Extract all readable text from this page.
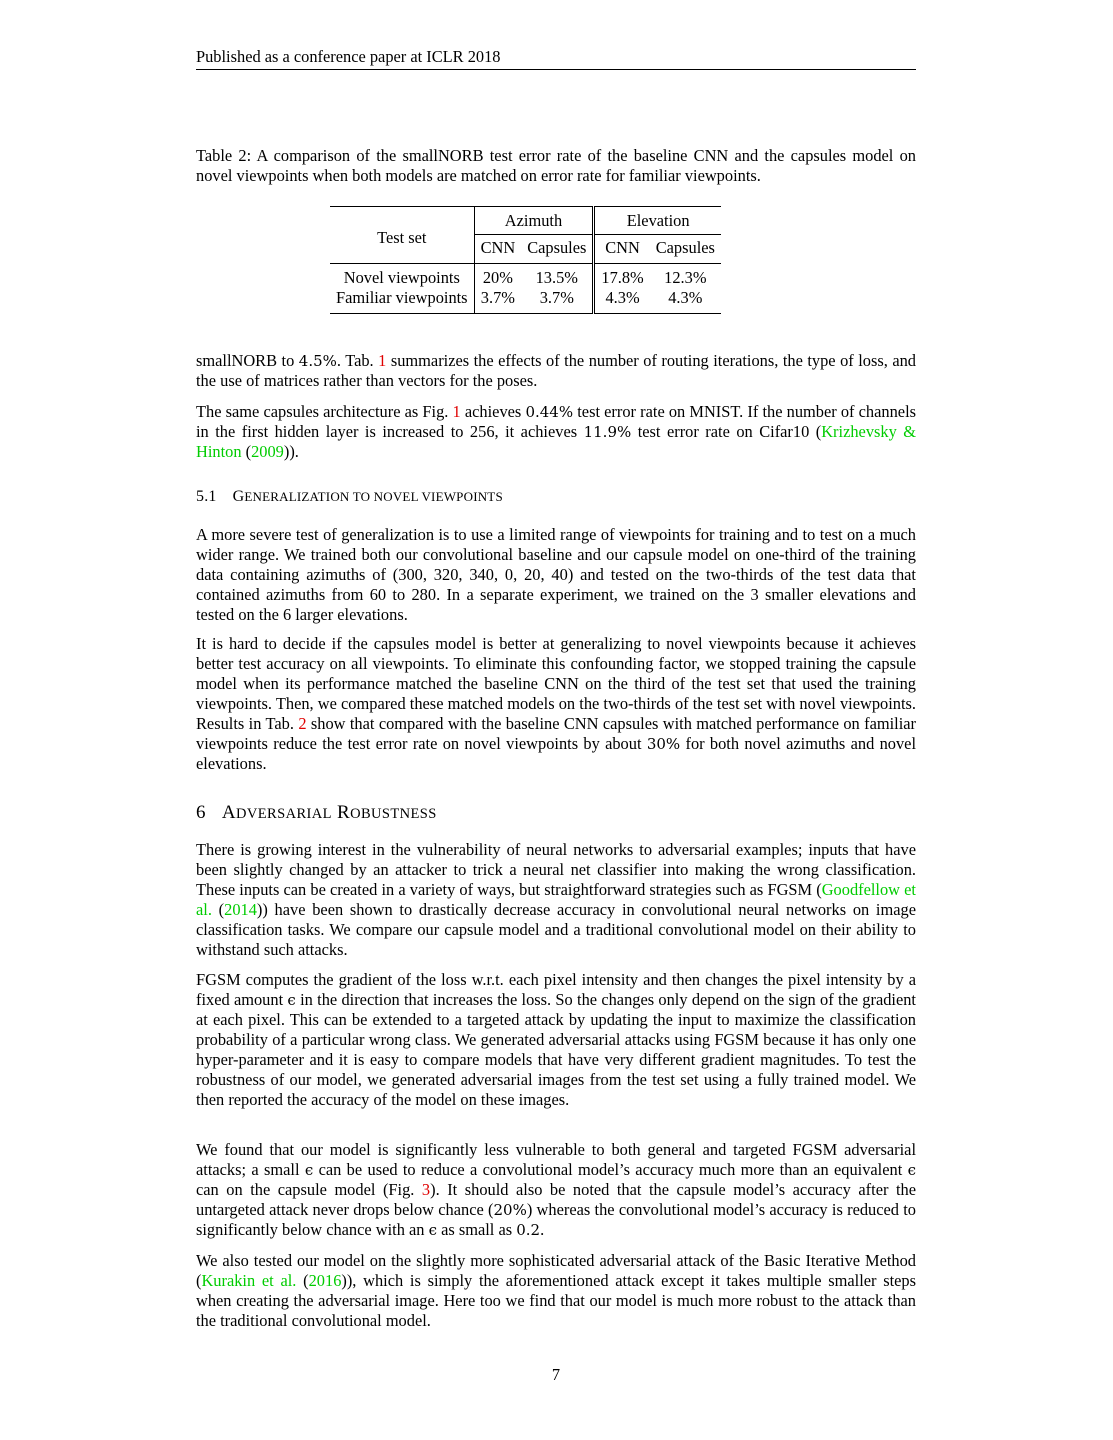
Published as a conference paper at ICLR 2018
Table 2: A comparison of the smallNORB test error rate of the baseline CNN and the capsules model on novel viewpoints when both models are matched on error rate for familiar viewpoints.
Test set	Azimuth		Elevation	
	CNN	Capsules	CNN	Capsules
Novel viewpoints	20%	13.5%	17.8%	12.3%
Familiar viewpoints	3.7%	3.7%	4.3%	4.3%

smallNORB to 4.5%. Tab. 1 summarizes the effects of the number of routing iterations, the type of loss, and the use of matrices rather than vectors for the poses.

The same capsules architecture as Fig. 1 achieves 0.44% test error rate on MNIST. If the number of channels in the first hidden layer is increased to 256, it achieves 11.9% test error rate on Cifar10 (Krizhevsky & Hinton (2009)).

5.1 GENERALIZATION TO NOVEL VIEWPOINTS

A more severe test of generalization is to use a limited range of viewpoints for training and to test on a much wider range. We trained both our convolutional baseline and our capsule model on one-third of the training data containing azimuths of (300, 320, 340, 0, 20, 40) and tested on the two-thirds of the test data that contained azimuths from 60 to 280. In a separate experiment, we trained on the 3 smaller elevations and tested on the 6 larger elevations.

It is hard to decide if the capsules model is better at generalizing to novel viewpoints because it achieves better test accuracy on all viewpoints. To eliminate this confounding factor, we stopped training the capsule model when its performance matched the baseline CNN on the third of the test set that used the training viewpoints. Then, we compared these matched models on the two-thirds of the test set with novel viewpoints. Results in Tab. 2 show that compared with the baseline CNN capsules with matched performance on familiar viewpoints reduce the test error rate on novel viewpoints by about 30% for both novel azimuths and novel elevations.

6 ADVERSARIAL ROBUSTNESS

There is growing interest in the vulnerability of neural networks to adversarial examples; inputs that have been slightly changed by an attacker to trick a neural net classifier into making the wrong classification. These inputs can be created in a variety of ways, but straightforward strategies such as FGSM (Goodfellow et al. (2014)) have been shown to drastically decrease accuracy in convolutional neural networks on image classification tasks. We compare our capsule model and a traditional convolutional model on their ability to withstand such attacks.

FGSM computes the gradient of the loss w.r.t. each pixel intensity and then changes the pixel intensity by a fixed amount ϵ in the direction that increases the loss. So the changes only depend on the sign of the gradient at each pixel. This can be extended to a targeted attack by updating the input to maximize the classification probability of a particular wrong class. We generated adversarial attacks using FGSM because it has only one hyper-parameter and it is easy to compare models that have very different gradient magnitudes. To test the robustness of our model, we generated adversarial images from the test set using a fully trained model. We then reported the accuracy of the model on these images.

We found that our model is significantly less vulnerable to both general and targeted FGSM adversarial attacks; a small ϵ can be used to reduce a convolutional model’s accuracy much more than an equivalent ϵ can on the capsule model (Fig. 3). It should also be noted that the capsule model’s accuracy after the untargeted attack never drops below chance (20%) whereas the convolutional model’s accuracy is reduced to significantly below chance with an ϵ as small as 0.2.

We also tested our model on the slightly more sophisticated adversarial attack of the Basic Iterative Method (Kurakin et al. (2016)), which is simply the aforementioned attack except it takes multiple smaller steps when creating the adversarial image. Here too we find that our model is much more robust to the attack than the traditional convolutional model.

7
